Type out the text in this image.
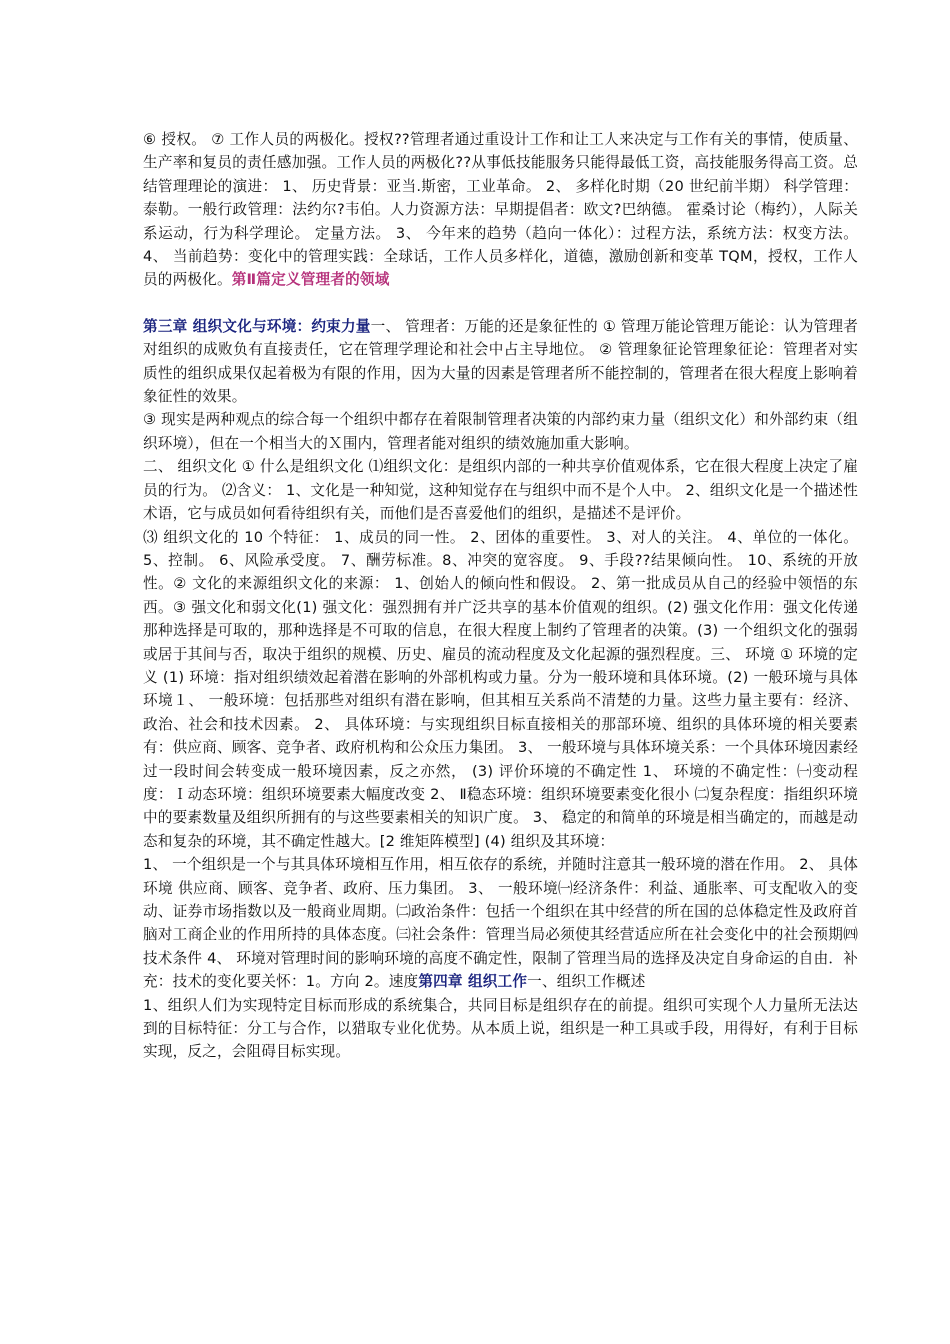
⑥ 授权。 ⑦ 工作人员的两极化。授权??管理者通过重设计工作和让工人来决定与工作有关的事情，使质量、生产率和复员的责任感加强。工作人员的两极化??从事低技能服务只能得最低工资，高技能服务得高工资。总结管理理论的演进： 1、 历史背景：亚当.斯密，工业革命。 2、 多样化时期（20 世纪前半期） 科学管理：泰勒。一般行政管理：法约尔?韦伯。人力资源方法：早期提倡者：欧文?巴纳德。 霍桑讨论（梅约），人际关系运动，行为科学理论。 定量方法。 3、 今年来的趋势（趋向一体化）：过程方法，系统方法：权变方法。 4、 当前趋势：变化中的管理实践：全球话，工作人员多样化，道德，激励创新和变革 TQM，授权，工作人员的两极化。第Ⅱ篇定义管理者的领域

第三章 组织文化与环境：约束力量一、 管理者：万能的还是象征性的 ① 管理万能论管理万能论：认为管理者对组织的成败负有直接责任，它在管理学理论和社会中占主导地位。 ② 管理象征论管理象征论：管理者对实质性的组织成果仅起着极为有限的作用，因为大量的因素是管理者所不能控制的，管理者在很大程度上影响着象征性的效果。

③ 现实是两种观点的综合每一个组织中都存在着限制管理者决策的内部约束力量（组织文化）和外部约束（组织环境），但在一个相当大的Ｘ围内，管理者能对组织的绩效施加重大影响。

二、 组织文化 ① 什么是组织文化 ⑴组织文化：是组织内部的一种共享价值观体系，它在很大程度上决定了雇员的行为。 ⑵含义： 1、文化是一种知觉，这种知觉存在与组织中而不是个人中。 2、组织文化是一个描述性术语，它与成员如何看待组织有关，而他们是否喜爱他们的组织，是描述不是评价。

⑶ 组织文化的 10 个特征： 1、成员的同一性。 2、团体的重要性。 3、对人的关注。 4、单位的一体化。 5、控制。 6、风险承受度。 7、酬劳标准。8、冲突的宽容度。 9、手段??结果倾向性。 10、系统的开放性。② 文化的来源组织文化的来源： 1、创始人的倾向性和假设。 2、第一批成员从自己的经验中领悟的东西。③ 强文化和弱文化(1) 强文化：强烈拥有并广泛共享的基本价值观的组织。(2) 强文化作用：强文化传递那种选择是可取的，那种选择是不可取的信息，在很大程度上制约了管理者的决策。(3) 一个组织文化的强弱或居于其间与否，取决于组织的规模、历史、雇员的流动程度及文化起源的强烈程度。三、 环境 ① 环境的定义 (1) 环境：指对组织绩效起着潜在影响的外部机构或力量。分为一般环境和具体环境。(2) 一般环境与具体环境１、 一般环境：包括那些对组织有潜在影响，但其相互关系尚不清楚的力量。这些力量主要有：经济、 政治、社会和技术因素。 2、 具体环境：与实现组织目标直接相关的那部环境、组织的具体环境的相关要素有：供应商、顾客、竞争者、政府机构和公众压力集团。 3、 一般环境与具体环境关系：一个具体环境因素经过一段时间会转变成一般环境因素，反之亦然， (3) 评价环境的不确定性 1、 环境的不确定性：㈠变动程度：Ｉ动态环境：组织环境要素大幅度改变 2、 Ⅱ稳态环境：组织环境要素变化很小 ㈡复杂程度：指组织环境中的要素数量及组织所拥有的与这些要素相关的知识广度。 3、 稳定的和简单的环境是相当确定的，而越是动态和复杂的环境，其不确定性越大。[2 维矩阵模型] (4) 组织及其环境：

1、 一个组织是一个与其具体环境相互作用，相互依存的系统，并随时注意其一般环境的潜在作用。 2、 具体环境 供应商、顾客、竞争者、政府、压力集团。 3、 一般环境㈠经济条件：利益、通胀率、可支配收入的变动、证券市场指数以及一般商业周期。㈡政治条件：包括一个组织在其中经营的所在国的总体稳定性及政府首脑对工商企业的作用所持的具体态度。㈢社会条件：管理当局必须使其经营适应所在社会变化中的社会预期㈣技术条件 4、 环境对管理时间的影响环境的高度不确定性，限制了管理当局的选择及决定自身命运的自由．补充：技术的变化要关怀：1。方向 2。速度第四章 组织工作一、组织工作概述

1、组织人们为实现特定目标而形成的系统集合，共同目标是组织存在的前提。组织可实现个人力量所无法达到的目标特征：分工与合作，以猎取专业化优势。从本质上说，组织是一种工具或手段，用得好，有利于目标实现，反之，会阻碍目标实现。
